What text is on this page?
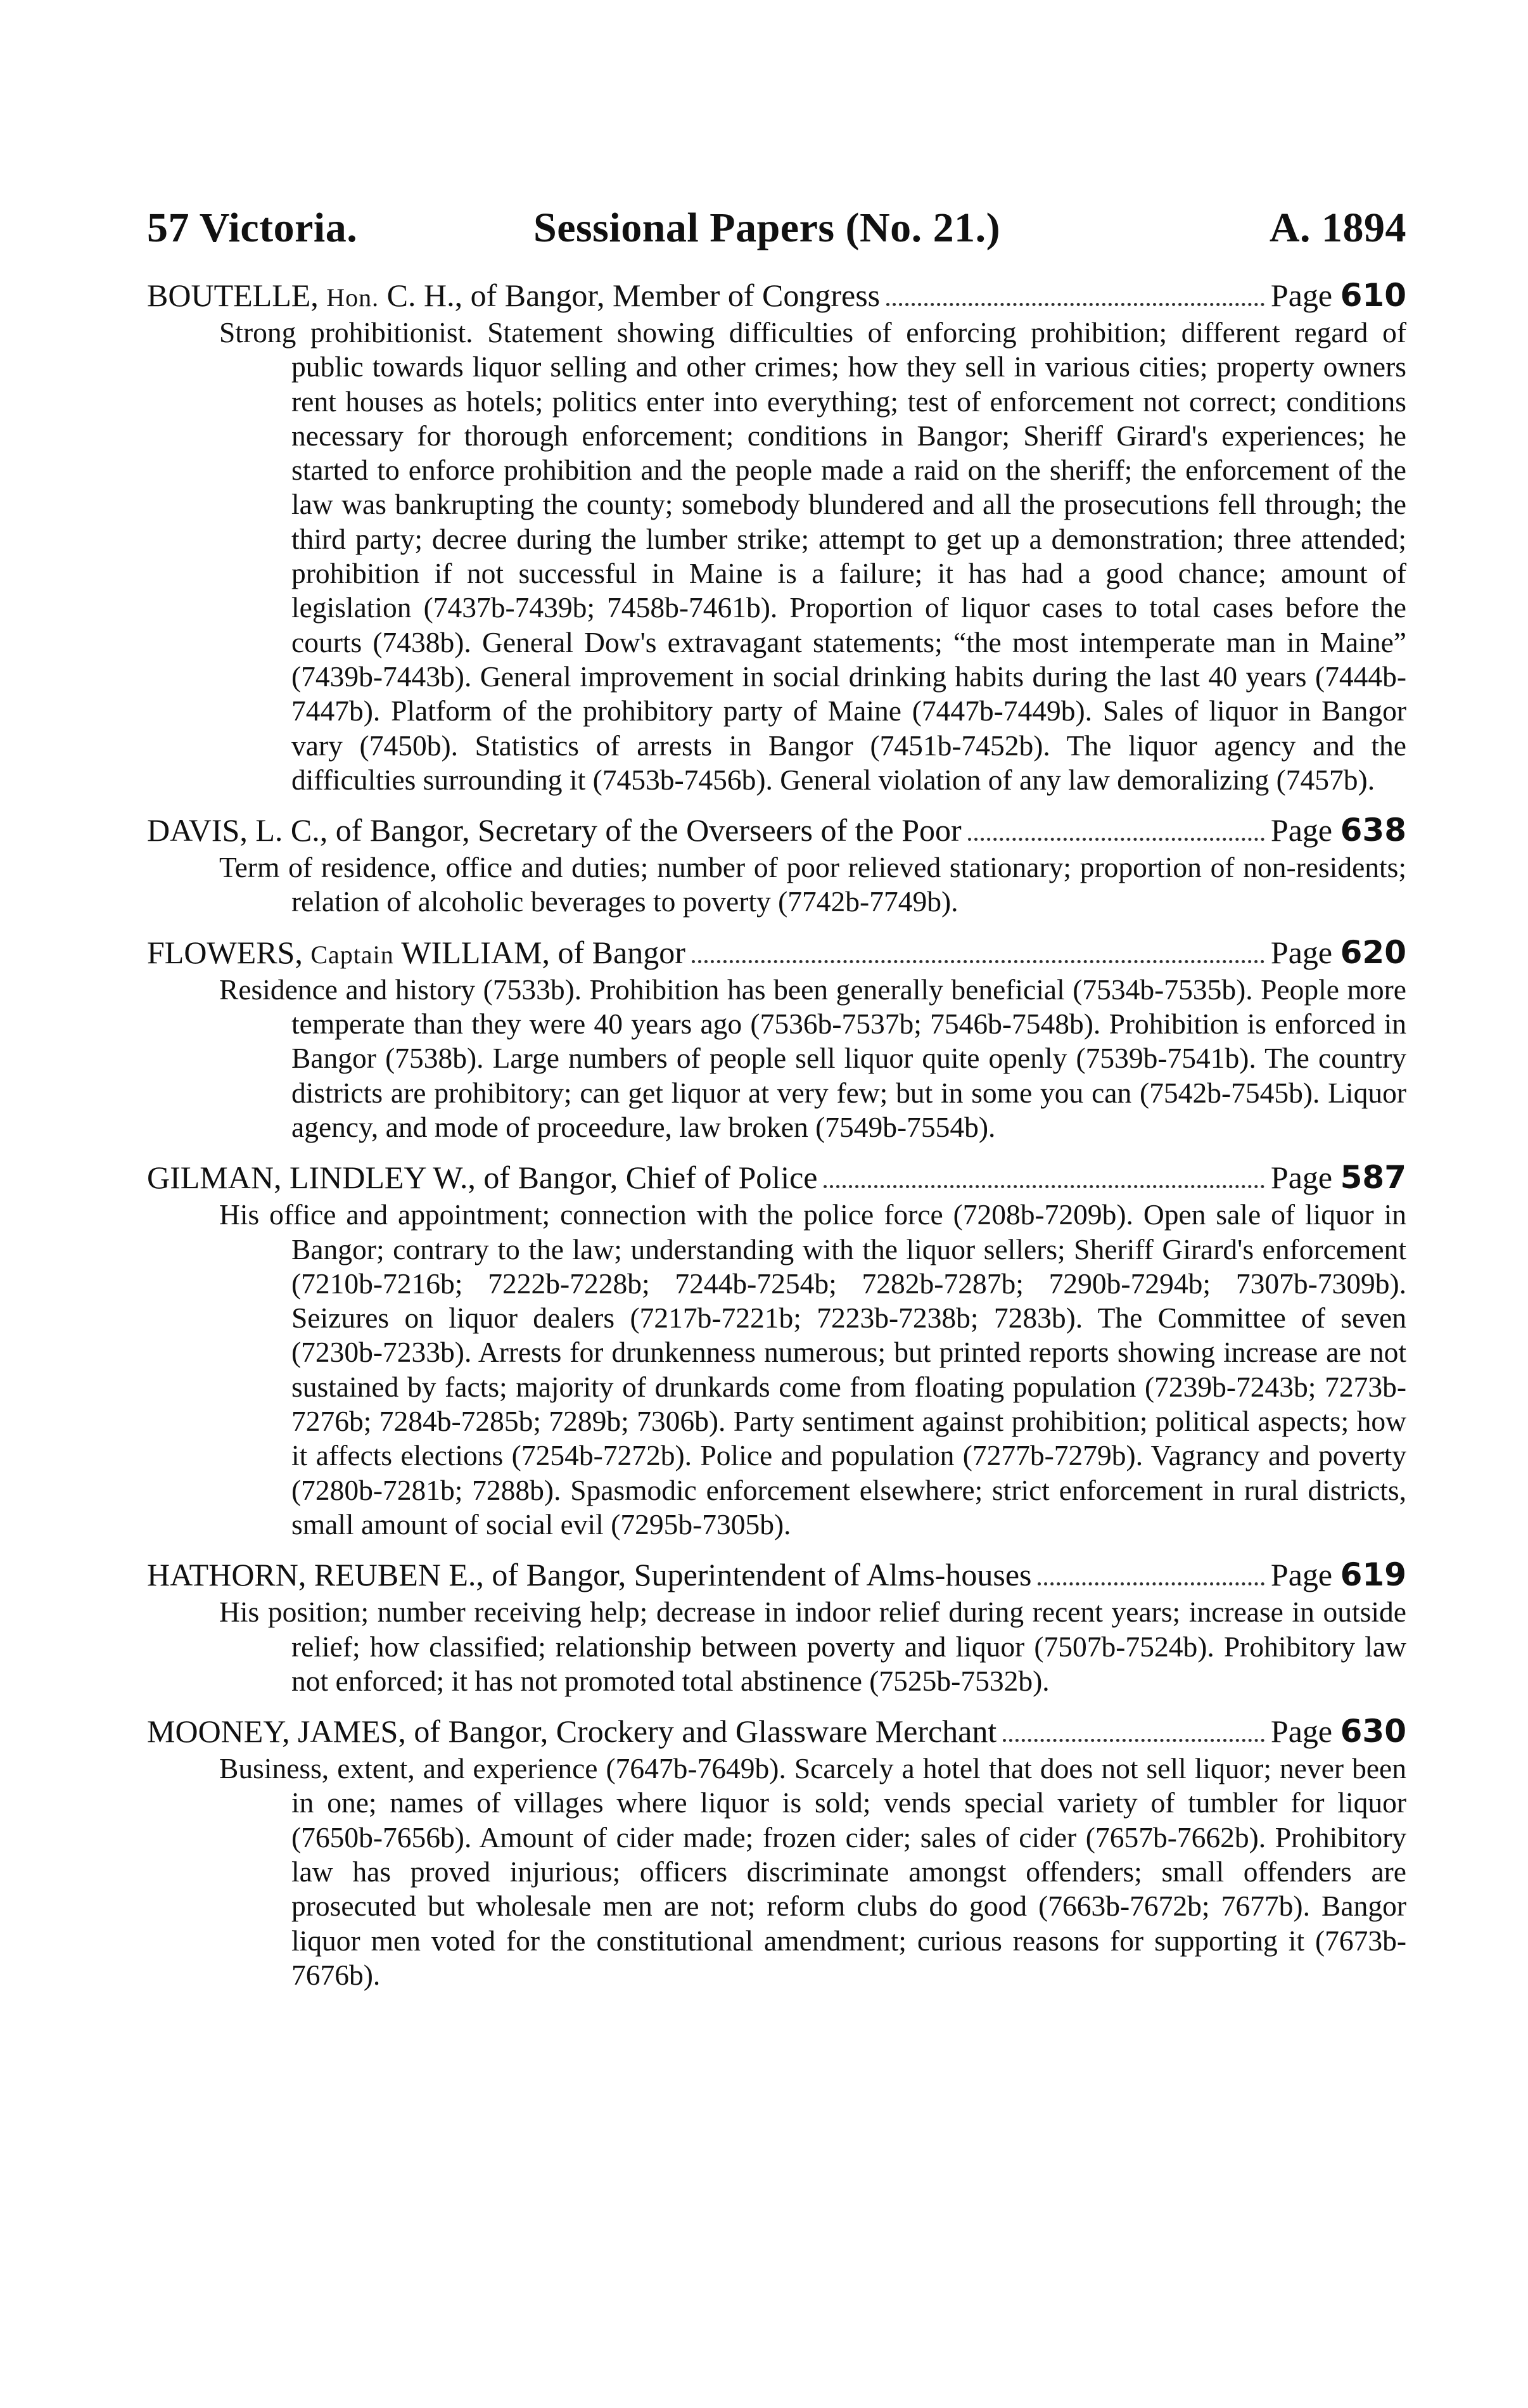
57 Victoria.	Sessional Papers (No. 21.)	A. 1894
BOUTELLE, Hon. C. H., of Bangor, Member of Congress	Page 610
Strong prohibitionist. Statement showing difficulties of enforcing prohibition; different regard of public towards liquor selling and other crimes; how they sell in various cities; property owners rent houses as hotels; politics enter into everything; test of enforcement not correct; conditions necessary for thorough enforcement; conditions in Bangor; Sheriff Girard's experiences; he started to enforce prohibition and the people made a raid on the sheriff; the enforcement of the law was bankrupting the county; somebody blundered and all the prosecutions fell through; the third party; decree during the lumber strike; attempt to get up a demonstration; three attended; prohibition if not successful in Maine is a failure; it has had a good chance; amount of legislation (7437b-7439b; 7458b-7461b). Proportion of liquor cases to total cases before the courts (7438b). General Dow's extravagant statements; “the most intemperate man in Maine” (7439b-7443b). General improvement in social drinking habits during the last 40 years (7444b-7447b). Platform of the prohibitory party of Maine (7447b-7449b). Sales of liquor in Bangor vary (7450b). Statistics of arrests in Bangor (7451b-7452b). The liquor agency and the difficulties surrounding it (7453b-7456b). General violation of any law demoralizing (7457b).
DAVIS, L. C., of Bangor, Secretary of the Overseers of the Poor	Page 638
Term of residence, office and duties; number of poor relieved stationary; proportion of non-residents; relation of alcoholic beverages to poverty (7742b-7749b).
FLOWERS, Captain WILLIAM, of Bangor	Page 620
Residence and history (7533b). Prohibition has been generally beneficial (7534b-7535b). People more temperate than they were 40 years ago (7536b-7537b; 7546b-7548b). Prohibition is enforced in Bangor (7538b). Large numbers of people sell liquor quite openly (7539b-7541b). The country districts are prohibitory; can get liquor at very few; but in some you can (7542b-7545b). Liquor agency, and mode of proceedure, law broken (7549b-7554b).
GILMAN, LINDLEY W., of Bangor, Chief of Police	Page 587
His office and appointment; connection with the police force (7208b-7209b). Open sale of liquor in Bangor; contrary to the law; understanding with the liquor sellers; Sheriff Girard's enforcement (7210b-7216b; 7222b-7228b; 7244b-7254b; 7282b-7287b; 7290b-7294b; 7307b-7309b). Seizures on liquor dealers (7217b-7221b; 7223b-7238b; 7283b). The Committee of seven (7230b-7233b). Arrests for drunkenness numerous; but printed reports showing increase are not sustained by facts; majority of drunkards come from floating population (7239b-7243b; 7273b-7276b; 7284b-7285b; 7289b; 7306b). Party sentiment against prohibition; political aspects; how it affects elections (7254b-7272b). Police and population (7277b-7279b). Vagrancy and poverty (7280b-7281b; 7288b). Spasmodic enforcement elsewhere; strict enforcement in rural districts, small amount of social evil (7295b-7305b).
HATHORN, REUBEN E., of Bangor, Superintendent of Alms-houses	Page 619
His position; number receiving help; decrease in indoor relief during recent years; increase in outside relief; how classified; relationship between poverty and liquor (7507b-7524b). Prohibitory law not enforced; it has not promoted total abstinence (7525b-7532b).
MOONEY, JAMES, of Bangor, Crockery and Glassware Merchant	Page 630
Business, extent, and experience (7647b-7649b). Scarcely a hotel that does not sell liquor; never been in one; names of villages where liquor is sold; vends special variety of tumbler for liquor (7650b-7656b). Amount of cider made; frozen cider; sales of cider (7657b-7662b). Prohibitory law has proved injurious; officers discriminate amongst offenders; small offenders are prosecuted but wholesale men are not; reform clubs do good (7663b-7672b; 7677b). Bangor liquor men voted for the constitutional amendment; curious reasons for supporting it (7673b-7676b).
